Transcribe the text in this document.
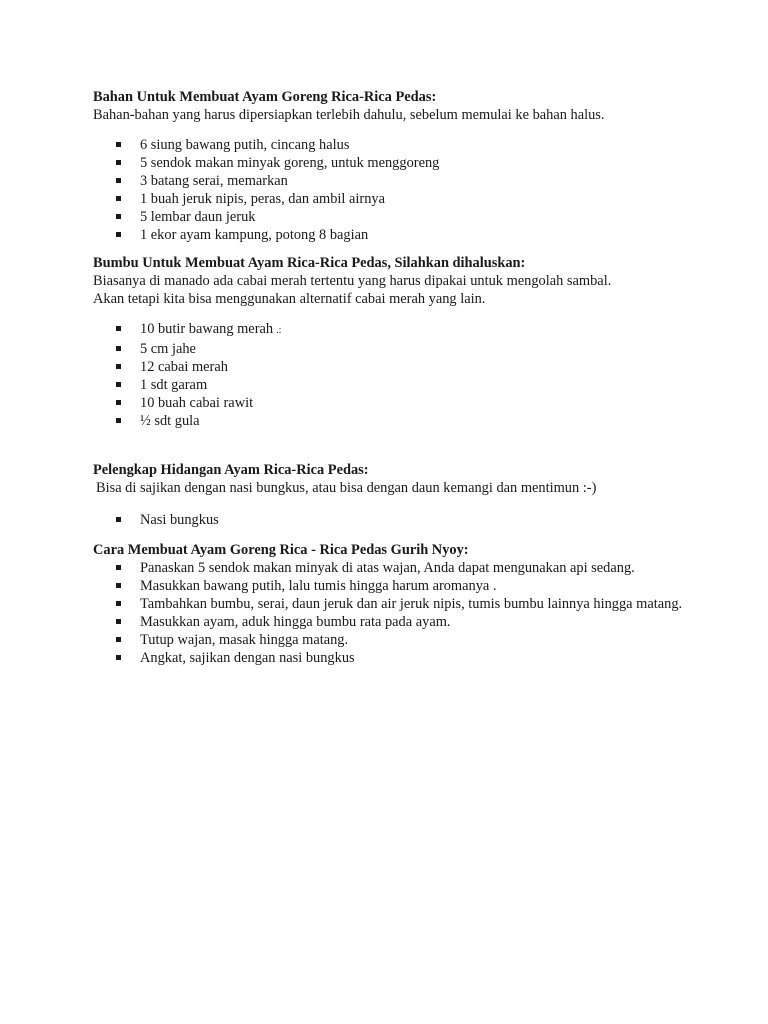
Bahan Untuk Membuat Ayam Goreng Rica-Rica Pedas:

Bahan-bahan yang harus dipersiapkan terlebih dahulu, sebelum memulai ke bahan halus.

6 siung bawang putih, cincang halus
5 sendok makan minyak goreng, untuk menggoreng
3 batang serai, memarkan
1 buah jeruk nipis, peras, dan ambil airnya
5 lembar daun jeruk
1 ekor ayam kampung, potong 8 bagian

Bumbu Untuk Membuat Ayam Rica-Rica Pedas, Silahkan dihaluskan:

Biasanya di manado ada cabai merah tertentu yang harus dipakai untuk mengolah sambal.

Akan tetapi kita bisa menggunakan alternatif cabai merah yang lain.

10 butir bawang merah .:
5 cm jahe
12 cabai merah
1 sdt garam
10 buah cabai rawit
½ sdt gula

Pelengkap Hidangan Ayam Rica-Rica Pedas:

Bisa di sajikan dengan nasi bungkus, atau bisa dengan daun kemangi dan mentimun :-)

Nasi bungkus

Cara Membuat Ayam Goreng Rica - Rica Pedas Gurih Nyoy:

Panaskan 5 sendok makan minyak di atas wajan, Anda dapat mengunakan api sedang.
Masukkan bawang putih, lalu tumis hingga harum aromanya .
Tambahkan bumbu, serai, daun jeruk dan air jeruk nipis, tumis bumbu lainnya hingga matang.
Masukkan ayam, aduk hingga bumbu rata pada ayam.
Tutup wajan, masak hingga matang.
Angkat, sajikan dengan nasi bungkus
